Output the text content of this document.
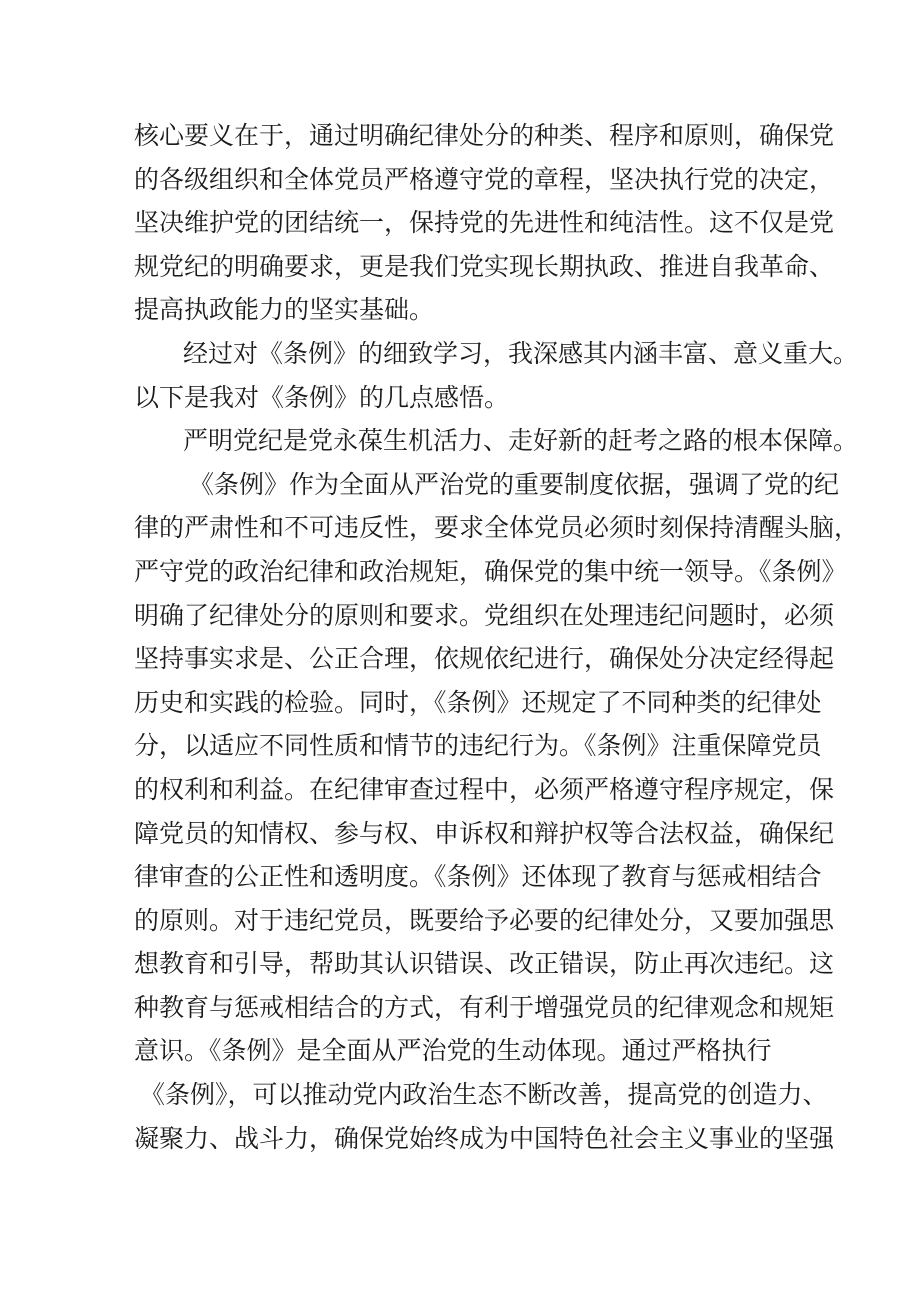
核心要义在于，通过明确纪律处分的种类、程序和原则，确保党
的各级组织和全体党员严格遵守党的章程，坚决执行党的决定，
坚决维护党的团结统一，保持党的先进性和纯洁性。这不仅是党
规党纪的明确要求，更是我们党实现长期执政、推进自我革命、
提高执政能力的坚实基础。
经过对《条例》的细致学习，我深感其内涵丰富、意义重大。
以下是我对《条例》的几点感悟。
严明党纪是党永葆生机活力、走好新的赶考之路的根本保障。
《条例》作为全面从严治党的重要制度依据，强调了党的纪
律的严肃性和不可违反性，要求全体党员必须时刻保持清醒头脑，
严守党的政治纪律和政治规矩，确保党的集中统一领导。《条例》
明确了纪律处分的原则和要求。党组织在处理违纪问题时，必须
坚持事实求是、公正合理，依规依纪进行，确保处分决定经得起
历史和实践的检验。同时，《条例》还规定了不同种类的纪律处
分，以适应不同性质和情节的违纪行为。《条例》注重保障党员
的权利和利益。在纪律审查过程中，必须严格遵守程序规定，保
障党员的知情权、参与权、申诉权和辩护权等合法权益，确保纪
律审查的公正性和透明度。《条例》还体现了教育与惩戒相结合
的原则。对于违纪党员，既要给予必要的纪律处分，又要加强思
想教育和引导，帮助其认识错误、改正错误，防止再次违纪。这
种教育与惩戒相结合的方式，有利于增强党员的纪律观念和规矩
意识。《条例》是全面从严治党的生动体现。通过严格执行
《条例》，可以推动党内政治生态不断改善，提高党的创造力、
凝聚力、战斗力，确保党始终成为中国特色社会主义事业的坚强
